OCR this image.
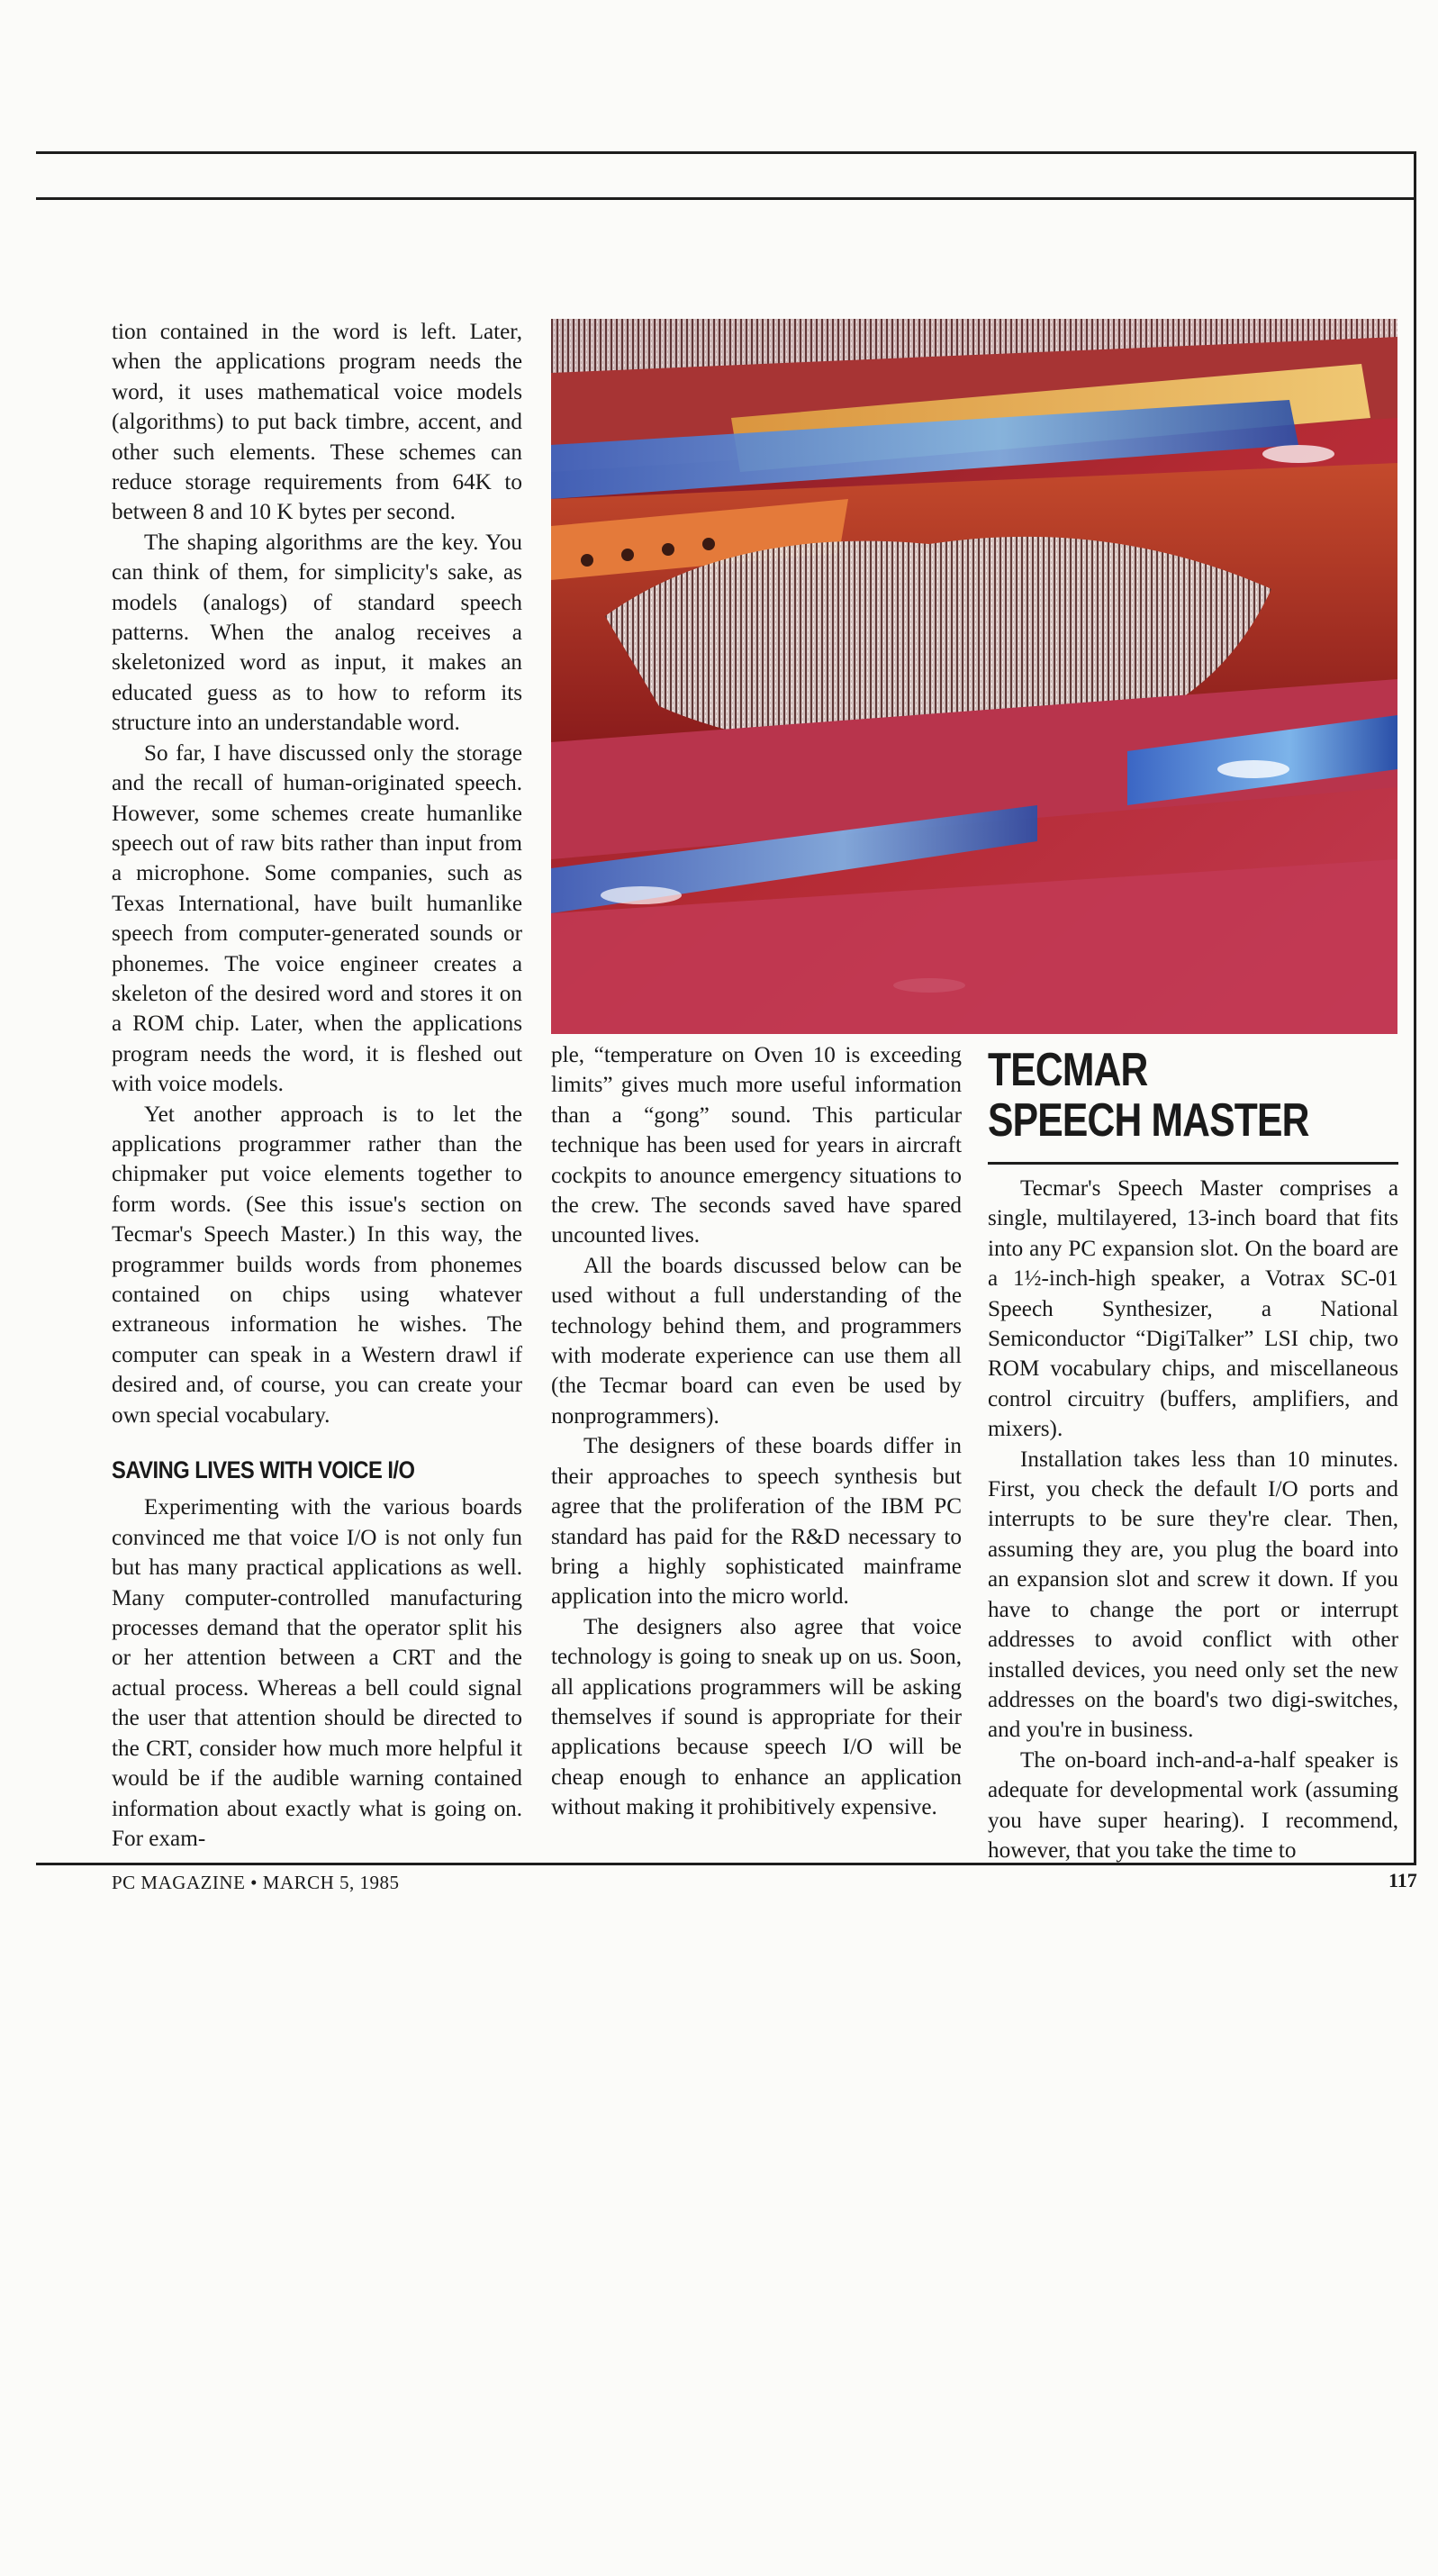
tion contained in the word is left. Later, when the applications program needs the word, it uses mathematical voice models (algorithms) to put back timbre, accent, and other such elements. These schemes can reduce storage requirements from 64K to between 8 and 10 K bytes per second.

The shaping algorithms are the key. You can think of them, for simplicity's sake, as models (analogs) of standard speech patterns. When the analog receives a skeletonized word as input, it makes an educated guess as to how to reform its structure into an understandable word.

So far, I have discussed only the storage and the recall of human-originated speech. However, some schemes create humanlike speech out of raw bits rather than input from a microphone. Some companies, such as Texas International, have built humanlike speech from computer-generated sounds or phonemes. The voice engineer creates a skeleton of the desired word and stores it on a ROM chip. Later, when the applications program needs the word, it is fleshed out with voice models.

Yet another approach is to let the applications programmer rather than the chipmaker put voice elements together to form words. (See this issue's section on Tecmar's Speech Master.) In this way, the programmer builds words from phonemes contained on chips using whatever extraneous information he wishes. The computer can speak in a Western drawl if desired and, of course, you can create your own special vocabulary.

SAVING LIVES WITH VOICE I/O

Experimenting with the various boards convinced me that voice I/O is not only fun but has many practical applications as well. Many computer-controlled manufacturing processes demand that the operator split his or her attention between a CRT and the actual process. Whereas a bell could signal the user that attention should be directed to the CRT, consider how much more helpful it would be if the audible warning contained information about exactly what is going on. For exam-

ple, “temperature on Oven 10 is exceeding limits” gives much more useful information than a “gong” sound. This particular technique has been used for years in aircraft cockpits to anounce emergency situations to the crew. The seconds saved have spared uncounted lives.

All the boards discussed below can be used without a full understanding of the technology behind them, and programmers with moderate experience can use them all (the Tecmar board can even be used by nonprogrammers).

The designers of these boards differ in their approaches to speech synthesis but agree that the proliferation of the IBM PC standard has paid for the R&D necessary to bring a highly sophisticated mainframe application into the micro world.

The designers also agree that voice technology is going to sneak up on us. Soon, all applications programmers will be asking themselves if sound is appropriate for their applications because speech I/O will be cheap enough to enhance an application without making it prohibitively expensive.

TECMAR
SPEECH MASTER

Tecmar's Speech Master comprises a single, multilayered, 13-inch board that fits into any PC expansion slot. On the board are a 1½-inch-high speaker, a Votrax SC-01 Speech Synthesizer, a National Semiconductor “DigiTalker” LSI chip, two ROM vocabulary chips, and miscellaneous control circuitry (buffers, amplifiers, and mixers).

Installation takes less than 10 minutes. First, you check the default I/O ports and interrupts to be sure they're clear. Then, assuming they are, you plug the board into an expansion slot and screw it down. If you have to change the port or interrupt addresses to avoid conflict with other installed devices, you need only set the new addresses on the board's two digi-switches, and you're in business.

The on-board inch-and-a-half speaker is adequate for developmental work (assuming you have super hearing). I recommend, however, that you take the time to

PC MAGAZINE • MARCH 5, 1985	117
